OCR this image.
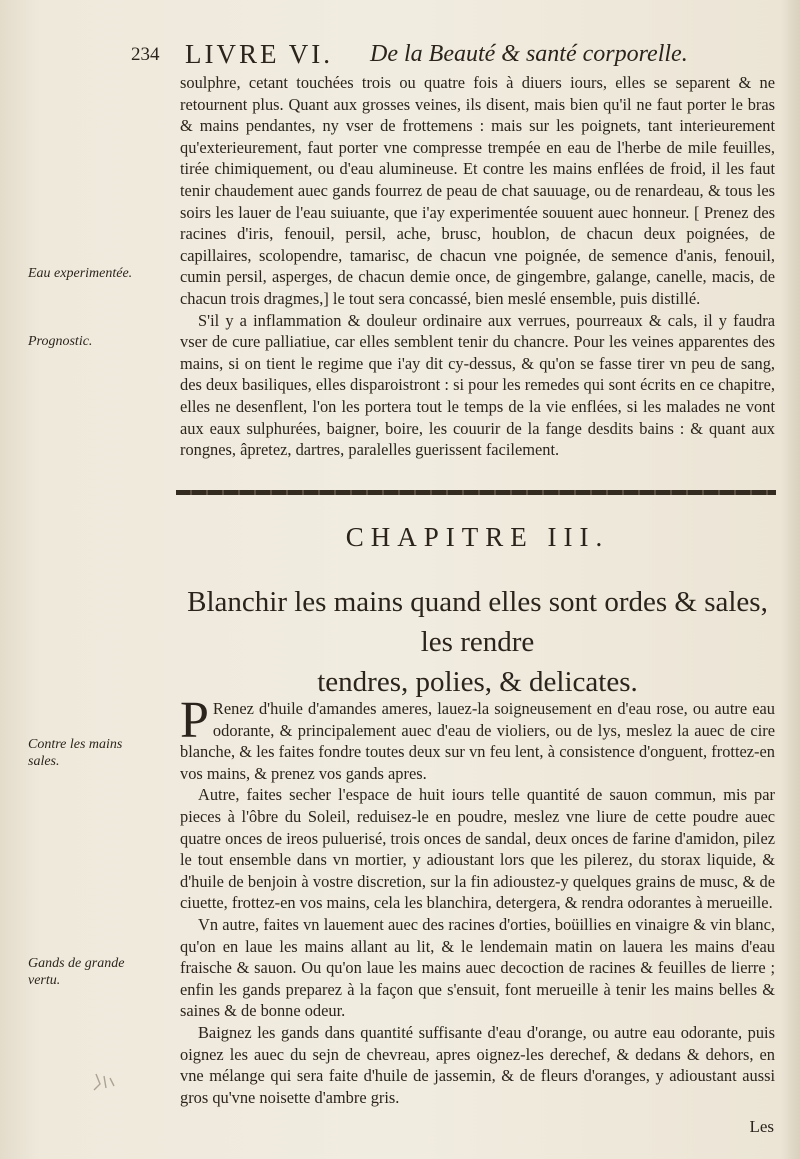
234 LIVRE VI. De la Beauté & santé corporelle.
Eau experimentée.
Prognostic.

soulphre, cetant touchées trois ou quatre fois à diuers iours, elles se separent & ne retournent plus. Quant aux grosses veines, ils disent, mais bien qu'il ne faut porter le bras & mains pendantes, ny vser de frottemens : mais sur les poignets, tant interieurement qu'exterieurement, faut porter vne compresse trempée en eau de l'herbe de mile feuilles, tirée chimiquement, ou d'eau alumineuse. Et contre les mains enflées de froid, il les faut tenir chaudement auec gands fourrez de peau de chat sauuage, ou de renardeau, & tous les soirs les lauer de l'eau suiuante, que i'ay experimentée souuent auec honneur. [ Prenez des racines d'iris, fenouil, persil, ache, brusc, houblon, de chacun deux poignées, de capillaires, scolopendre, tamarisc, de chacun vne poignée, de semence d'anis, fenouil, cumin persil, asperges, de chacun demie once, de gingembre, galange, canelle, macis, de chacun trois dragmes,] le tout sera concassé, bien meslé ensemble, puis distillé.

S'il y a inflammation & douleur ordinaire aux verrues, pourreaux & cals, il y faudra vser de cure palliatiue, car elles semblent tenir du chancre. Pour les veines apparentes des mains, si on tient le regime que i'ay dit cy-dessus, & qu'on se fasse tirer vn peu de sang, des deux basiliques, elles disparoistront : si pour les remedes qui sont écrits en ce chapitre, elles ne desenflent, l'on les portera tout le temps de la vie enflées, si les malades ne vont aux eaux sulphurées, baigner, boire, les couurir de la fange desdits bains : & quant aux rongnes, âpretez, dartres, paralelles guerissent facilement.

CHAPITRE III.
Blanchir les mains quand elles sont ordes & sales, les rendre
tendres, polies, & delicates.
Contre les mains sales.
Gands de grande vertu.

P Renez d'huile d'amandes ameres, lauez-la soigneusement en d'eau rose, ou autre eau odorante, & principalement auec d'eau de violiers, ou de lys, meslez la auec de cire blanche, & les faites fondre toutes deux sur vn feu lent, à consistence d'onguent, frottez-en vos mains, & prenez vos gands apres.

Autre, faites secher l'espace de huit iours telle quantité de sauon commun, mis par pieces à l'ôbre du Soleil, reduisez-le en poudre, meslez vne liure de cette poudre auec quatre onces de ireos puluerisé, trois onces de sandal, deux onces de farine d'amidon, pilez le tout ensemble dans vn mortier, y adioustant lors que les pilerez, du storax liquide, & d'huile de benjoin à vostre discretion, sur la fin adioustez-y quelques grains de musc, & de ciuette, frottez-en vos mains, cela les blanchira, detergera, & rendra odorantes à merueille.

Vn autre, faites vn lauement auec des racines d'orties, boüillies en vinaigre & vin blanc, qu'on en laue les mains allant au lit, & le lendemain matin on lauera les mains d'eau fraische & sauon. Ou qu'on laue les mains auec decoction de racines & feuilles de lierre ; enfin les gands preparez à la façon que s'ensuit, font merueille à tenir les mains belles & saines & de bonne odeur.

Baignez les gands dans quantité suffisante d'eau d'orange, ou autre eau odorante, puis oignez les auec du sejn de chevreau, apres oignez-les derechef, & dedans & dehors, en vne mélange qui sera faite d'huile de jassemin, & de fleurs d'oranges, y adioustant aussi gros qu'vne noisette d'ambre gris.

Les
